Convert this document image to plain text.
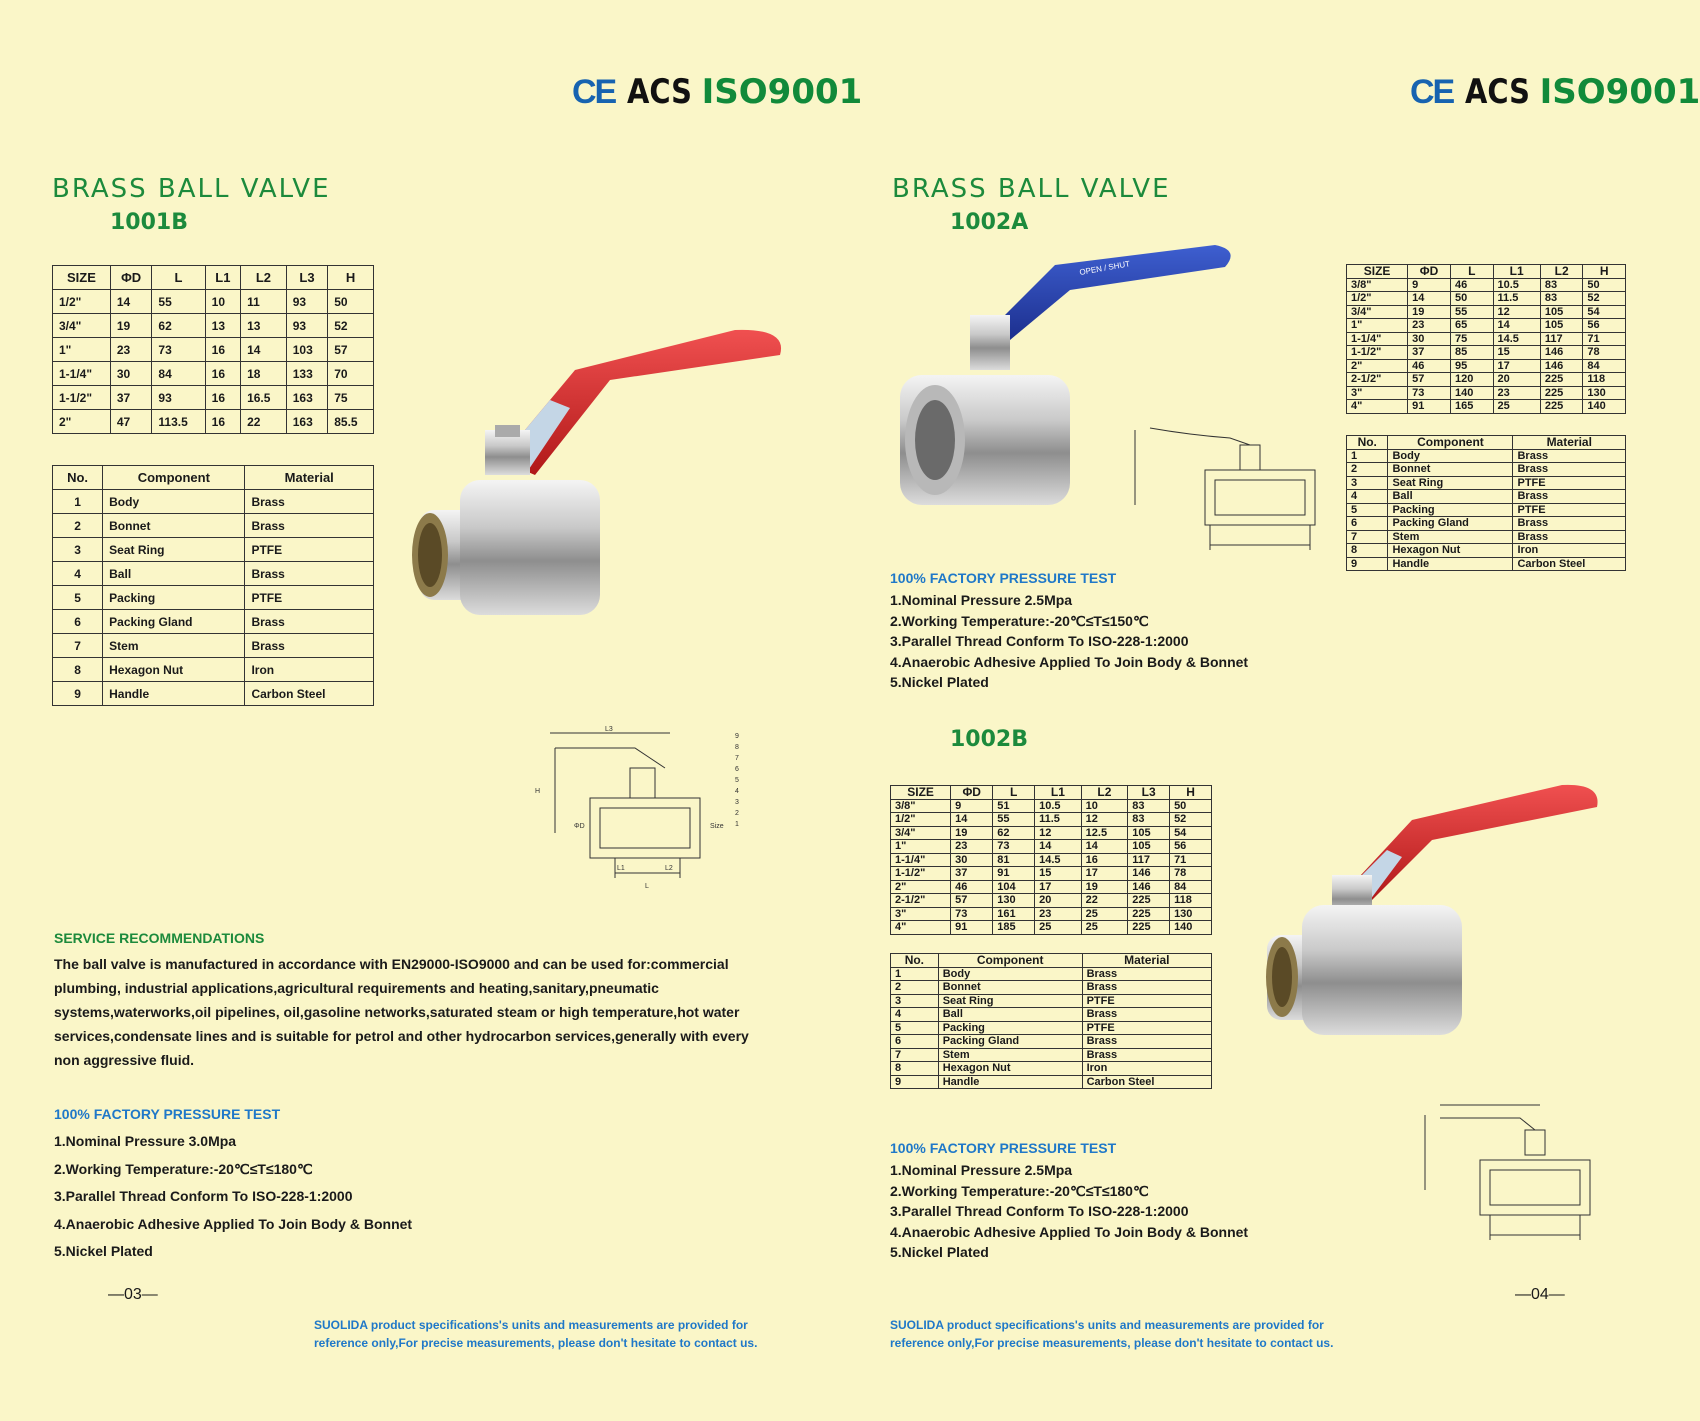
CE ACS ISO9001
BRASS BALL VALVE
1001B
SIZE	ΦD	L	L1	L2	L3	H
1/2"	14	55	10	11	93	50
3/4"	19	62	13	13	93	52
1"	23	73	16	14	103	57
1-1/4"	30	84	16	18	133	70
1-1/2"	37	93	16	16.5	163	75
2"	47	113.5	16	22	163	85.5
No.	Component	Material
1	Body	Brass
2	Bonnet	Brass
3	Seat Ring	PTFE
4	Ball	Brass
5	Packing	PTFE
6	Packing Gland	Brass
7	Stem	Brass
8	Hexagon Nut	Iron
9	Handle	Carbon Steel
L3
H
ΦD	Size
L
L1	L2
9
8
7
6
5
4
3
2
1
SERVICE RECOMMENDATIONS
The ball valve is manufactured in accordance with EN29000-ISO9000 and can be used for:commercial plumbing, industrial applications,agricultural requirements and heating,sanitary,pneumatic systems,waterworks,oil pipelines, oil,gasoline networks,saturated steam or high temperature,hot water services,condensate lines and is suitable for petrol and other hydrocarbon services,generally with every non aggressive fluid.
100% FACTORY PRESSURE TEST
1.Nominal Pressure 3.0Mpa
2.Working Temperature:-20℃≤T≤180℃
3.Parallel Thread Conform To ISO-228-1:2000
4.Anaerobic Adhesive Applied To Join Body & Bonnet
5.Nickel Plated
—03—
SUOLIDA product specifications's units and measurements are provided for reference only,For precise measurements, please don't hesitate to contact us.
CE ACS ISO9001
BRASS BALL VALVE
1002A
OPEN / SHUT	SIZE	ΦD	L	L1	L2	H
3/8"	9	46	10.5	83	50
1/2"	14	50	11.5	83	52
3/4"	19	55	12	105	54
1"	23	65	14	105	56
1-1/4"	30	75	14.5	117	71
1-1/2"	37	85	15	146	78
2"	46	95	17	146	84
2-1/2"	57	120	20	225	118
3"	73	140	23	225	130
4"	91	165	25	225	140
No.	Component	Material
1	Body	Brass
2	Bonnet	Brass
3	Seat Ring	PTFE
4	Ball	Brass
5	Packing	PTFE
6	Packing Gland	Brass
7	Stem	Brass
8	Hexagon Nut	Iron
9	Handle	Carbon Steel
100% FACTORY PRESSURE TEST
1.Nominal Pressure 2.5Mpa
2.Working Temperature:-20℃≤T≤150℃
3.Parallel Thread Conform To ISO-228-1:2000
4.Anaerobic Adhesive Applied To Join Body & Bonnet
5.Nickel Plated
1002B
SIZE	ΦD	L	L1	L2	L3	H
3/8"	9	51	10.5	10	83	50
1/2"	14	55	11.5	12	83	52
3/4"	19	62	12	12.5	105	54
1"	23	73	14	14	105	56
1-1/4"	30	81	14.5	16	117	71
1-1/2"	37	91	15	17	146	78
2"	46	104	17	19	146	84
2-1/2"	57	130	20	22	225	118
3"	73	161	23	25	225	130
4"	91	185	25	25	225	140
No.	Component	Material
1	Body	Brass
2	Bonnet	Brass
3	Seat Ring	PTFE
4	Ball	Brass
5	Packing	PTFE
6	Packing Gland	Brass
7	Stem	Brass
8	Hexagon Nut	Iron
9	Handle	Carbon Steel
100% FACTORY PRESSURE TEST
1.Nominal Pressure 2.5Mpa
2.Working Temperature:-20℃≤T≤180℃
3.Parallel Thread Conform To ISO-228-1:2000
4.Anaerobic Adhesive Applied To Join Body & Bonnet
5.Nickel Plated
—04—
SUOLIDA product specifications's units and measurements are provided for reference only,For precise measurements, please don't hesitate to contact us.
